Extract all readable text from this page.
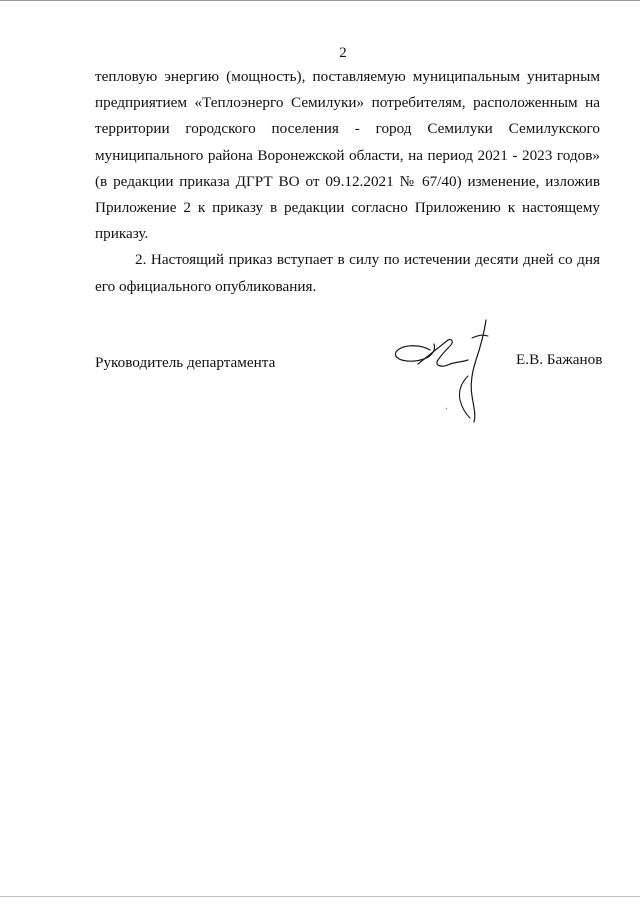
2
тепловую энергию (мощность), поставляемую муниципальным унитарным
предприятием «Теплоэнерго Семилуки» потребителям, расположенным на
территории городского поселения - город Семилуки Семилукского
муниципального района Воронежской области, на период 2021 - 2023 годов»
(в редакции приказа ДГРТ ВО от 09.12.2021 № 67/40) изменение, изложив
Приложение 2 к приказу в редакции согласно Приложению к настоящему
приказу.
2. Настоящий приказ вступает в силу по истечении десяти дней со дня
его официального опубликования.
Руководитель департамента	Е.В. Бажанов
